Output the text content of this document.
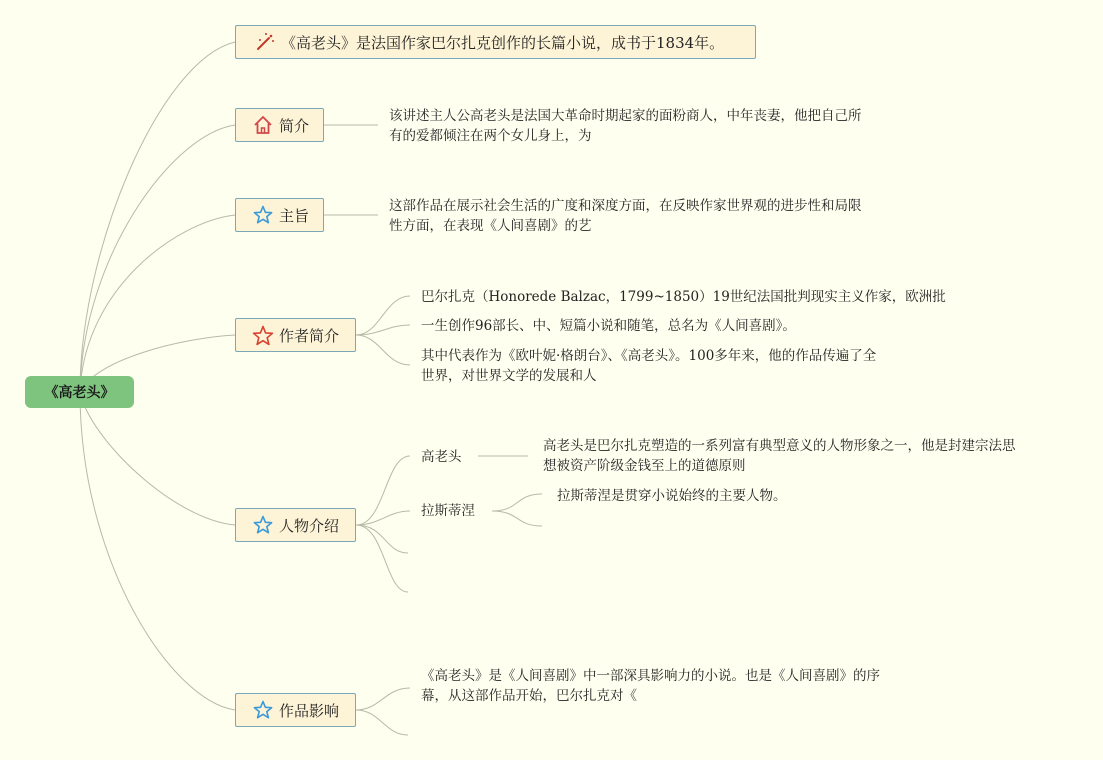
《高老头》
《高老头》是法国作家巴尔扎克创作的长篇小说，成书于1834年。
简介
该讲述主人公高老头是法国大革命时期起家的面粉商人，中年丧妻，他把自己所
有的爱都倾注在两个女儿身上，为
主旨
这部作品在展示社会生活的广度和深度方面，在反映作家世界观的进步性和局限
性方面，在表现《人间喜剧》的艺
作者简介
巴尔扎克（Honorede Balzac，1799~1850）19世纪法国批判现实主义作家，欧洲批
一生创作96部长、中、短篇小说和随笔，总名为《人间喜剧》。
其中代表作为《欧叶妮·格朗台》、《高老头》。100多年来，他的作品传遍了全
世界，对世界文学的发展和人
人物介绍
高老头
高老头是巴尔扎克塑造的一系列富有典型意义的人物形象之一，他是封建宗法思
想被资产阶级金钱至上的道德原则
拉斯蒂涅
拉斯蒂涅是贯穿小说始终的主要人物。
作品影响
《高老头》是《人间喜剧》中一部深具影响力的小说。也是《人间喜剧》的序
幕，从这部作品开始，巴尔扎克对《
